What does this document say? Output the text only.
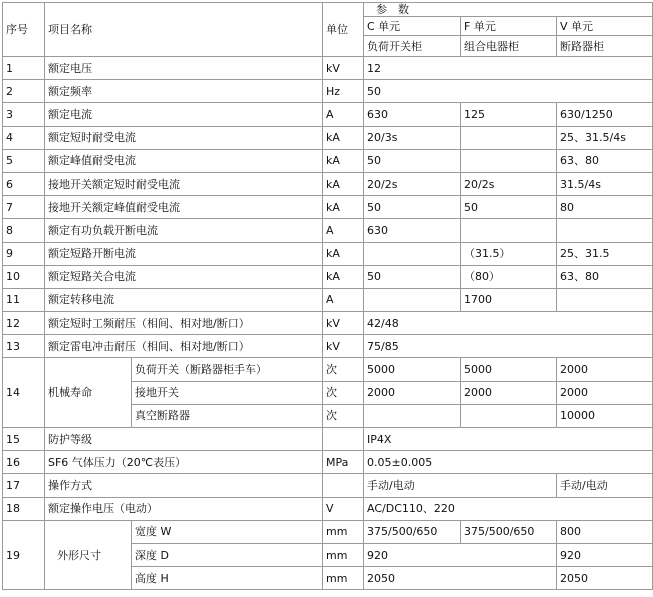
序号	项目名称		单位	参　数		
				C 单元	F 单元	V 单元
				负荷开关柜	组合电器柜	断路器柜
1	额定电压		kV	12		
2	额定频率		Hz	50		
3	额定电流		A	630	125	630/1250
4	额定短时耐受电流		kA	20/3s		25、31.5/4s
5	额定峰值耐受电流		kA	50		63、80
6	接地开关额定短时耐受电流		kA	20/2s	20/2s	31.5/4s
7	接地开关额定峰值耐受电流		kA	50	50	80
8	额定有功负载开断电流		A	630		
9	额定短路开断电流		kA		（31.5）	25、31.5
10	额定短路关合电流		kA	50	（80）	63、80
11	额定转移电流		A		1700	
12	额定短时工频耐压（相间、相对地/断口）		kV	42/48		
13	额定雷电冲击耐压（相间、相对地/断口）		kV	75/85		
14	机械寿命	负荷开关（断路器柜手车）	次	5000	5000	2000
		接地开关	次	2000	2000	2000
		真空断路器	次			10000
15	防护等级			IP4X		
16	SF6 气体压力（20℃表压）		MPa	0.05±0.005		
17	操作方式			手动/电动		手动/电动
18	额定操作电压（电动）		V	AC/DC110、220		
19	外形尺寸	宽度 W	mm	375/500/650	375/500/650	800
		深度 D	mm	920		920
		高度 H	mm	2050		2050
